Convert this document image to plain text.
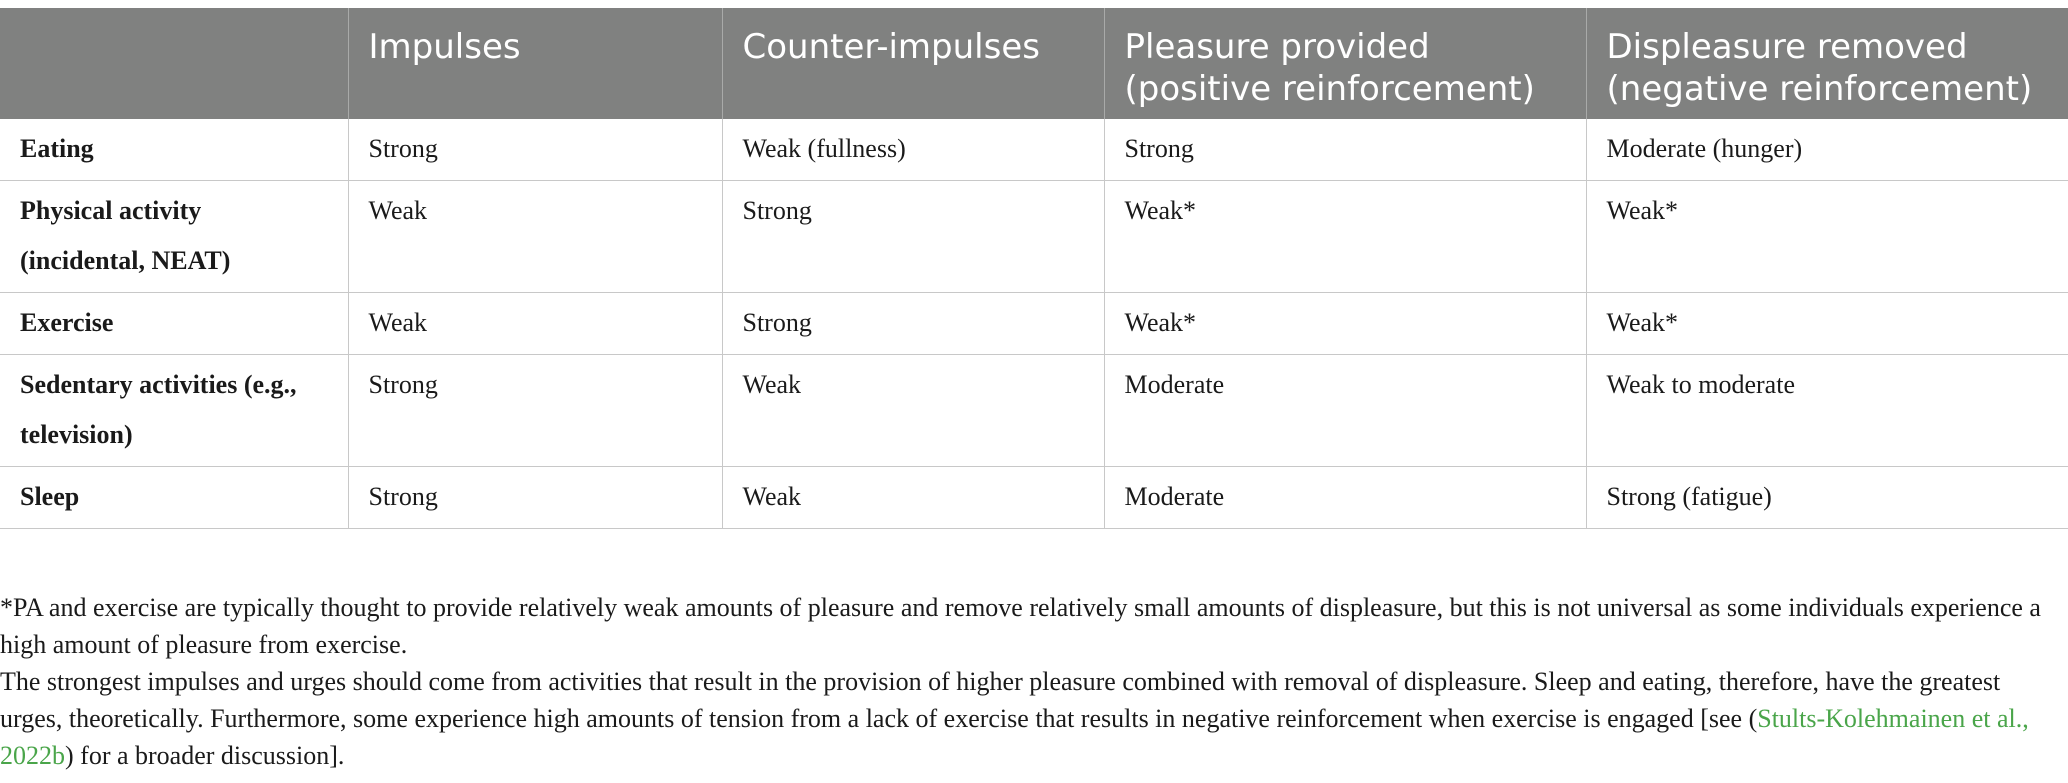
	Impulses	Counter-impulses	Pleasure provided (positive reinforcement)	Displeasure removed (negative reinforcement)
Eating	Strong	Weak (fullness)	Strong	Moderate (hunger)
Physical activity (incidental, NEAT)	Weak	Strong	Weak*	Weak*
Exercise	Weak	Strong	Weak*	Weak*
Sedentary activities (e.g., television)	Strong	Weak	Moderate	Weak to moderate
Sleep	Strong	Weak	Moderate	Strong (fatigue)

*PA and exercise are typically thought to provide relatively weak amounts of pleasure and remove relatively small amounts of displeasure, but this is not universal as some individuals experience a high amount of pleasure from exercise.

The strongest impulses and urges should come from activities that result in the provision of higher pleasure combined with removal of displeasure. Sleep and eating, therefore, have the greatest urges, theoretically. Furthermore, some experience high amounts of tension from a lack of exercise that results in negative reinforcement when exercise is engaged [see (Stults-Kolehmainen et al., 2022b) for a broader discussion].
